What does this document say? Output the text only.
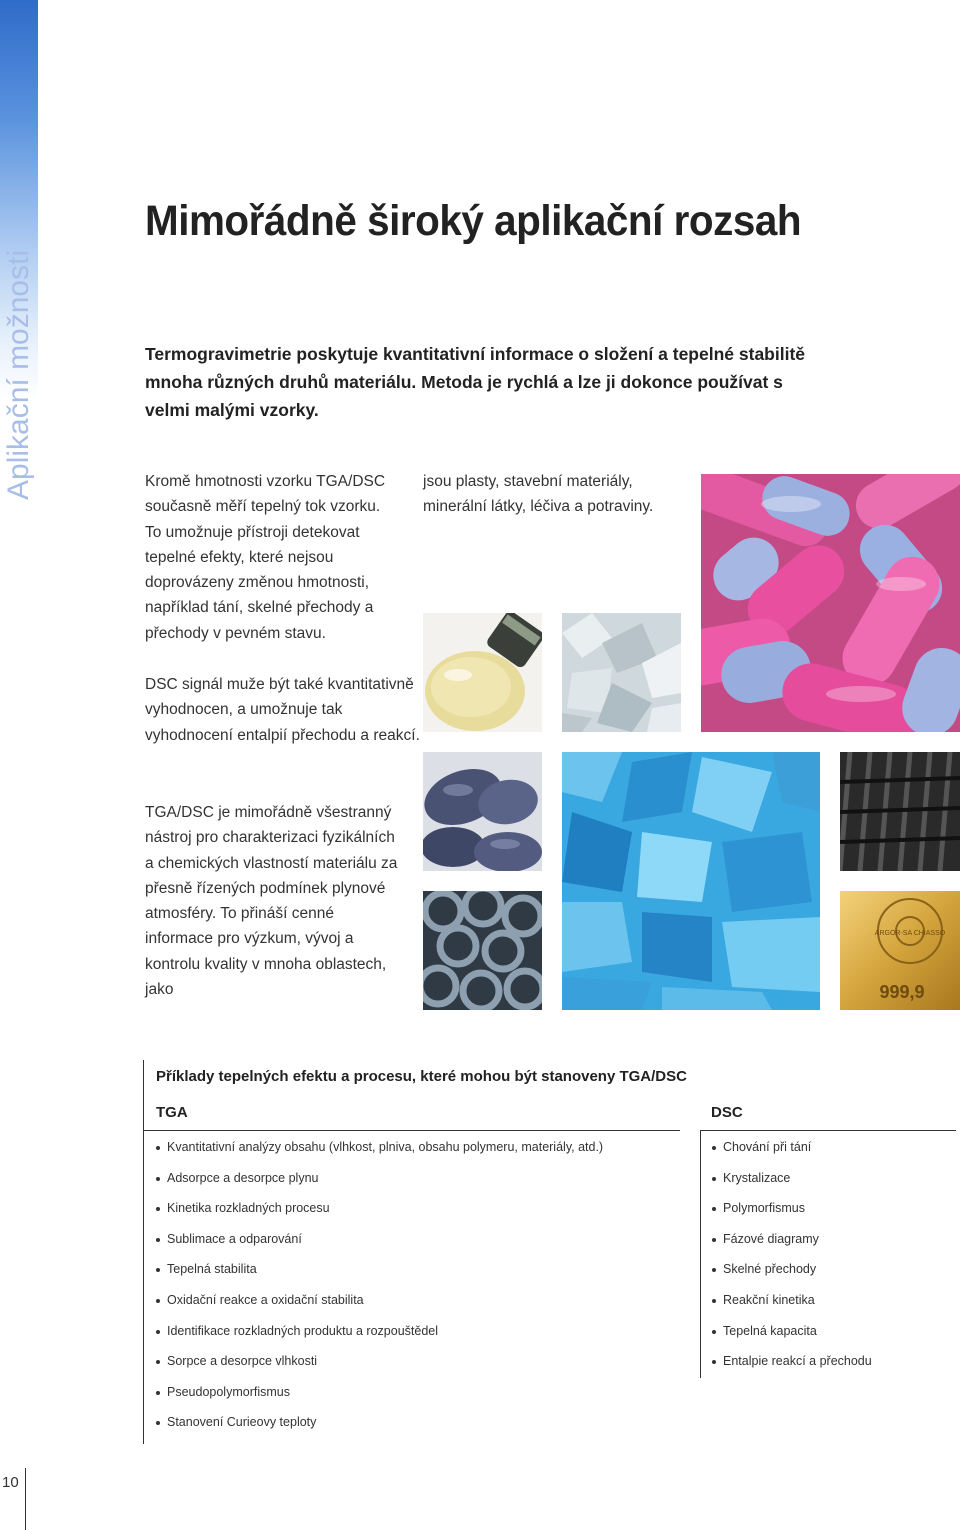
Aplikační možnosti
Mimořádně široký aplikační rozsah

Termogravimetrie poskytuje kvantitativní informace o složení a tepelné stabilitě mnoha různých druhů materiálu. Metoda je rychlá a lze ji dokonce používat s velmi malými vzorky.

Kromě hmotnosti vzorku TGA/DSC současně měří tepelný tok vzorku. To umožnuje přístroji detekovat tepelné efekty, které nejsou doprovázeny změnou hmotnosti, například tání, skelné přechody a přechody v pevném stavu.

DSC signál muže být také kvantitativně vyhodnocen, a umožnuje tak vyhodnocení entalpií přechodu a reakcí.

TGA/DSC je mimořádně všestranný nástroj pro charakterizaci fyzikálních a chemických vlastností materiálu za přesně řízených podmínek plynové atmosféry. To přináší cenné informace pro výzkum, vývoj a kontrolu kvality v mnoha oblastech, jako

jsou plasty, stavební materiály, minerální látky, léčiva a potraviny.

ARGOR-SA CHIASSO
999,9
Příklady tepelných efektu a procesu, které mohou být stanoveny TGA/DSC
TGA	DSC
Kvantitativní analýzy obsahu (vlhkost, plniva, obsahu polymeru, materiály, atd.)
Adsorpce a desorpce plynu
Kinetika rozkladných procesu
Sublimace a odparování
Tepelná stabilita
Oxidační reakce a oxidační stabilita
Identifikace rozkladných produktu a rozpouštědel
Sorpce a desorpce vlhkosti
Pseudopolymorfismus
Stanovení Curieovy teploty
Chování při tání
Krystalizace
Polymorfismus
Fázové diagramy
Skelné přechody
Reakční kinetika
Tepelná kapacita
Entalpie reakcí a přechodu
10
